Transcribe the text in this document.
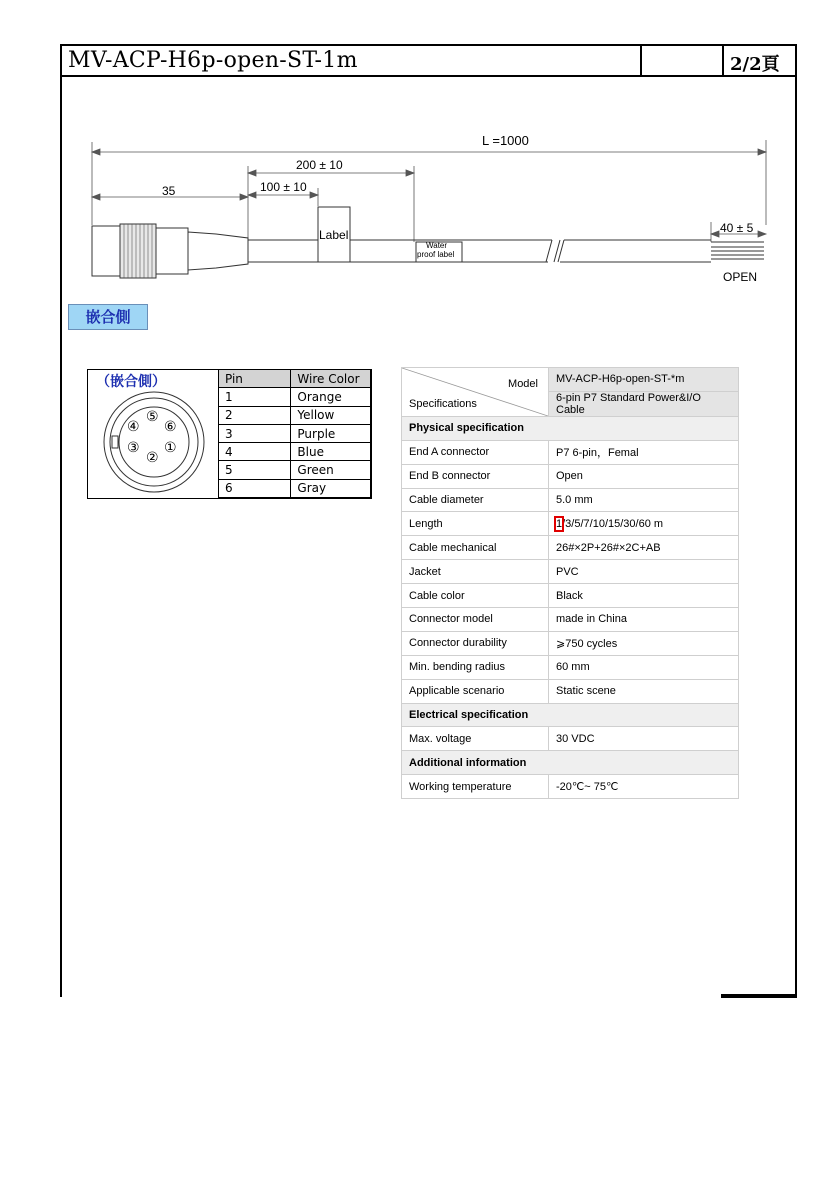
MV-ACP-H6p-open-ST-1m	2/2頁
L =1000
200 ± 10
100 ± 10
35
40 ± 5
Label
Water
proof label
OPEN
嵌合側
（嵌合側）
④
⑤
⑥
③
②
①
Pin	Wire Color
1	Orange
2	Yellow
3	Purple
4	Blue
5	Green
6	Gray
Model
Specifications	MV-ACP-H6p-open-ST-*m
	6-pin P7 Standard Power&I/O Cable
Physical specification	
End A connector	P7 6-pin，Femal
End B connector	Open
Cable diameter	5.0 mm
Length	1/3/5/7/10/15/30/60 m
Cable mechanical	26#×2P+26#×2C+AB
Jacket	PVC
Cable color	Black
Connector model	made in China
Connector durability	⩾750 cycles
Min. bending radius	60 mm
Applicable scenario	Static scene
Electrical specification	
Max. voltage	30 VDC
Additional information	
Working temperature	-20℃~ 75℃
